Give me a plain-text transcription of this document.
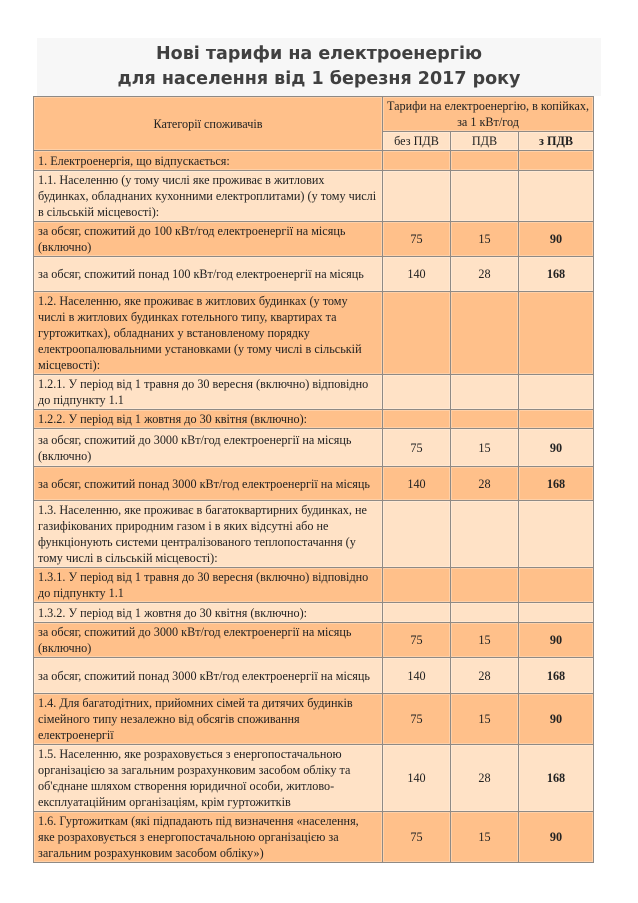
Нові тарифи на електроенергію
для населення від 1 березня 2017 року
Категорії споживачів	Тарифи на електроенергію, в копійках, за 1 кВт/год		
	без ПДВ	ПДВ	з ПДВ
1. Електроенергія, що відпускається:			
1.1. Населенню (у тому числі яке проживає в житлових будинках, обладнаних кухонними електроплитами) (у тому числі в сільській місцевості):			
за обсяг, спожитий до 100 кВт/год електроенергії на місяць (включно)	75	15	90
за обсяг, спожитий понад 100 кВт/год електроенергії на місяць	140	28	168
1.2. Населенню, яке проживає в житлових будинках (у тому числі в житлових будинках готельного типу, квартирах та гуртожитках), обладнаних у встановленому порядку електроопалювальними установками (у тому числі в сільській місцевості):			
1.2.1. У період від 1 травня до 30 вересня (включно) відповідно до підпункту 1.1			
1.2.2. У період від 1 жовтня до 30 квітня (включно):			
за обсяг, спожитий до 3000 кВт/год електроенергії на місяць (включно)	75	15	90
за обсяг, спожитий понад 3000 кВт/год електроенергії на місяць	140	28	168
1.3. Населенню, яке проживає в багатоквартирних будинках, не газифікованих природним газом і в яких відсутні або не функціонують системи централізованого теплопостачання (у тому числі в сільській місцевості):			
1.3.1. У період від 1 травня до 30 вересня (включно) відповідно до підпункту 1.1			
1.3.2. У період від 1 жовтня до 30 квітня (включно):			
за обсяг, спожитий до 3000 кВт/год електроенергії на місяць (включно)	75	15	90
за обсяг, спожитий понад 3000 кВт/год електроенергії на місяць	140	28	168
1.4. Для багатодітних, прийомних сімей та дитячих будинків сімейного типу незалежно від обсягів споживання електроенергії	75	15	90
1.5. Населенню, яке розраховується з енергопостачальною організацією за загальним розрахунковим засобом обліку та об'єднане шляхом створення юридичної особи, житлово-експлуатаційним організаціям, крім гуртожитків	140	28	168
1.6. Гуртожиткам (які підпадають під визначення «населення, яке розраховується з енергопостачальною організацією за загальним розрахунковим засобом обліку»)	75	15	90
